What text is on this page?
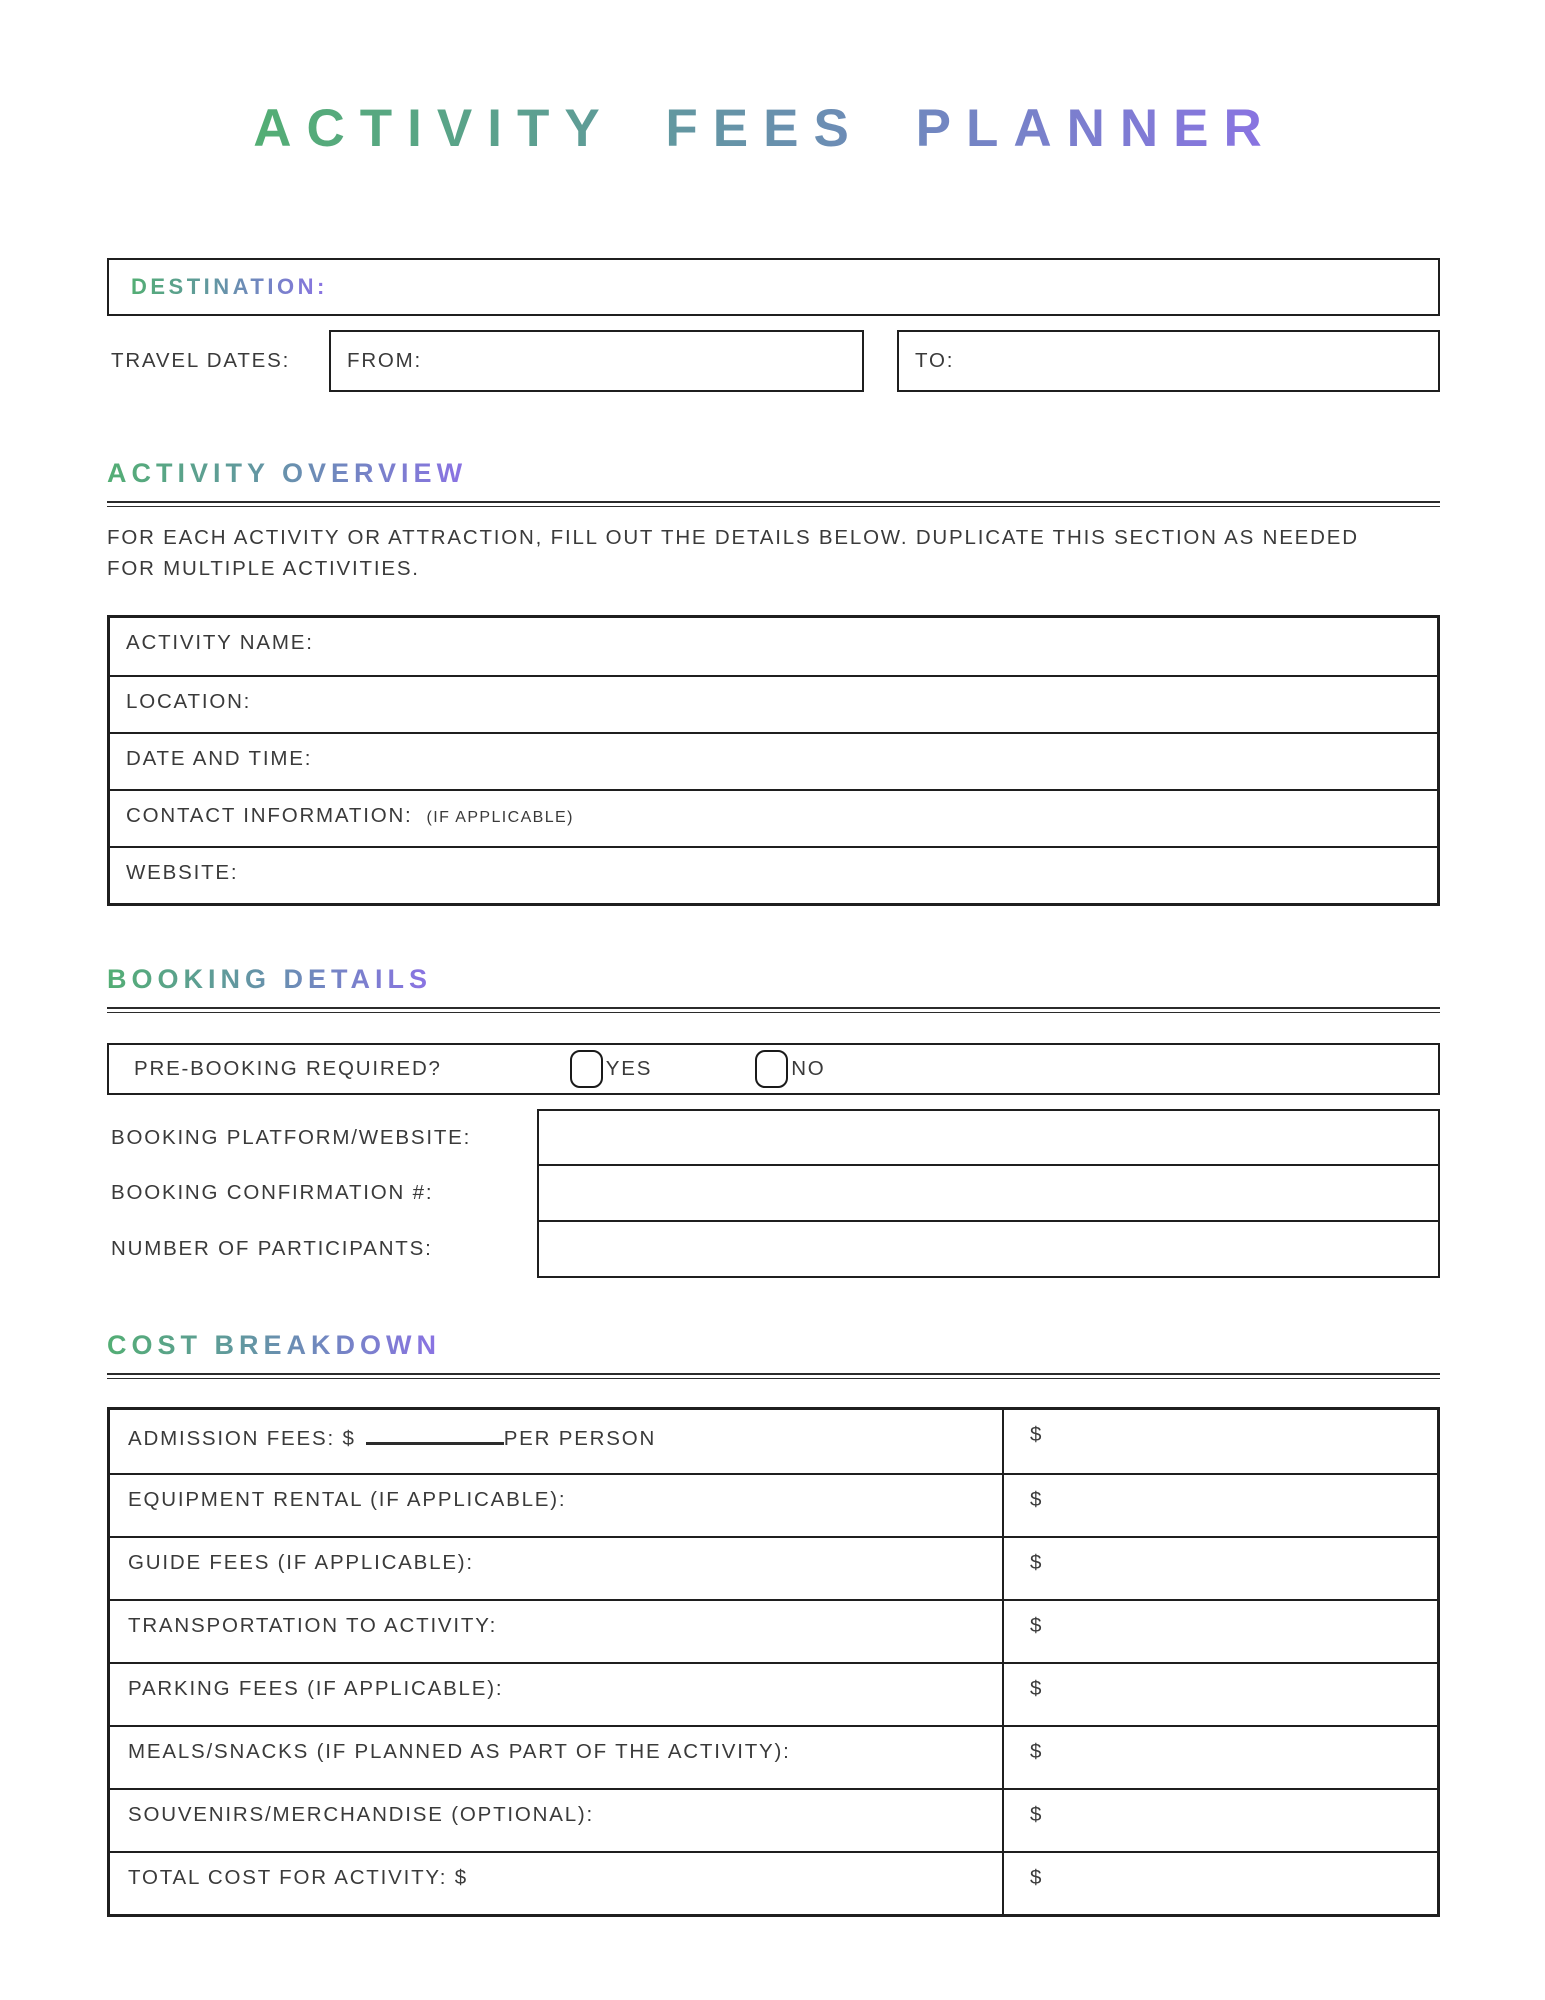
ACTIVITY FEES PLANNER
DESTINATION:
TRAVEL DATES:	FROM:	TO:
ACTIVITY OVERVIEW

FOR EACH ACTIVITY OR ATTRACTION, FILL OUT THE DETAILS BELOW. DUPLICATE THIS SECTION AS NEEDED FOR MULTIPLE ACTIVITIES.

ACTIVITY NAME:
LOCATION:
DATE AND TIME:
CONTACT INFORMATION: (IF APPLICABLE)
WEBSITE:
BOOKING DETAILS
PRE-BOOKING REQUIRED?	YES	NO
BOOKING PLATFORM/WEBSITE:
BOOKING CONFIRMATION #:
NUMBER OF PARTICIPANTS:
COST BREAKDOWN
ADMISSION FEES: $	PER PERSON	$
EQUIPMENT RENTAL (IF APPLICABLE):	$
GUIDE FEES (IF APPLICABLE):	$
TRANSPORTATION TO ACTIVITY:	$
PARKING FEES (IF APPLICABLE):	$
MEALS/SNACKS (IF PLANNED AS PART OF THE ACTIVITY):	$
SOUVENIRS/MERCHANDISE (OPTIONAL):	$
TOTAL COST FOR ACTIVITY: $	$
